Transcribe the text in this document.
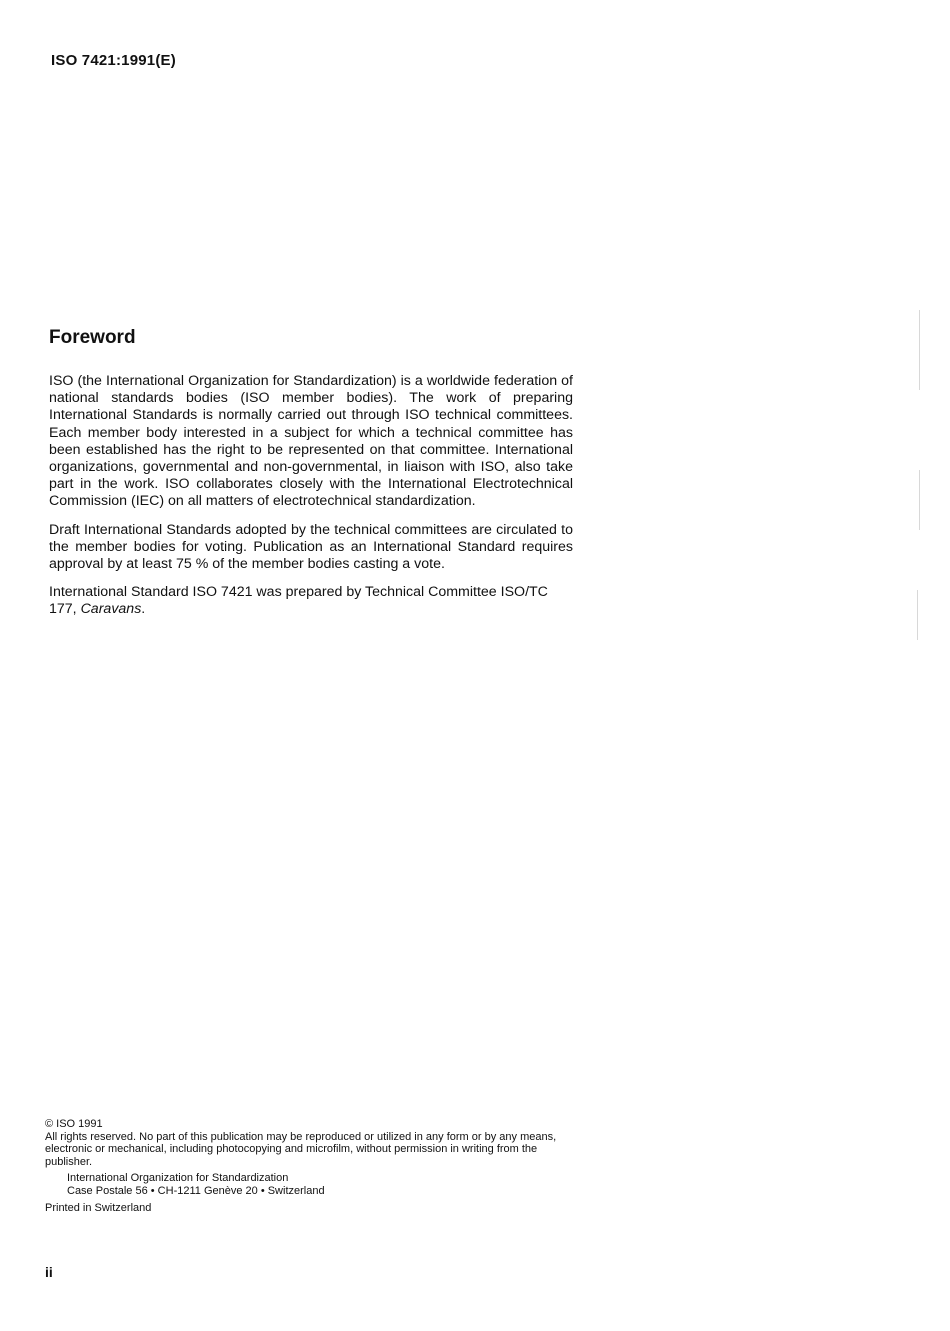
ISO 7421:1991(E)
Foreword

ISO (the International Organization for Standardization) is a worldwide federation of national standards bodies (ISO member bodies). The work of preparing International Standards is normally carried out through ISO technical committees. Each member body interested in a subject for which a technical committee has been established has the right to be represented on that committee. International organizations, governmental and non-governmental, in liaison with ISO, also take part in the work. ISO collaborates closely with the International Electrotechnical Commission (IEC) on all matters of electrotechnical standardization.

Draft International Standards adopted by the technical committees are circulated to the member bodies for voting. Publication as an International Standard requires approval by at least 75 % of the member bodies casting a vote.

International Standard ISO 7421 was prepared by Technical Committee ISO/TC 177, Caravans.

© ISO 1991

All rights reserved. No part of this publication may be reproduced or utilized in any form or by any means, electronic or mechanical, including photocopying and microfilm, without permission in writing from the publisher.

International Organization for Standardization

Case Postale 56 • CH-1211 Genève 20 • Switzerland

Printed in Switzerland

ii
